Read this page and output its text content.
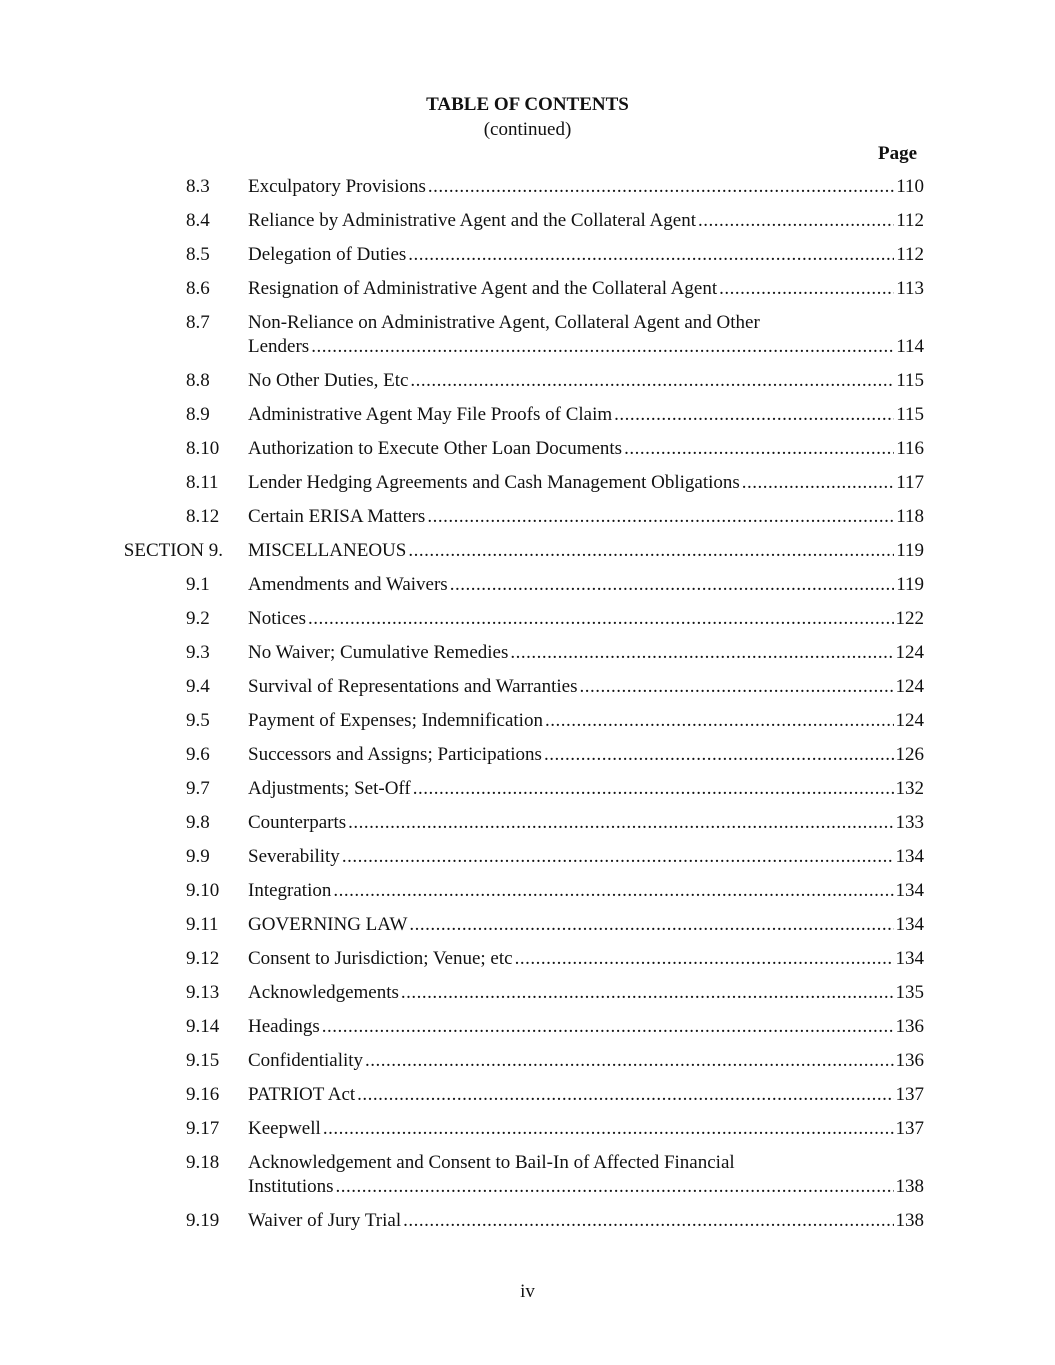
TABLE OF CONTENTS
(continued)
Page
8.3 Exculpatory Provisions .....	110
8.4 Reliance by Administrative Agent and the Collateral Agent .....	112
8.5 Delegation of Duties .....	112
8.6 Resignation of Administrative Agent and the Collateral Agent .....	113
8.7 Non-Reliance on Administrative Agent, Collateral Agent and Other
Lenders .....	114
8.8 No Other Duties, Etc .....	115
8.9 Administrative Agent May File Proofs of Claim .....	115
8.10 Authorization to Execute Other Loan Documents .....	116
8.11 Lender Hedging Agreements and Cash Management Obligations .....	117
8.12 Certain ERISA Matters .....	118
SECTION 9. MISCELLANEOUS .....	119
9.1 Amendments and Waivers .....	119
9.2 Notices .....	122
9.3 No Waiver; Cumulative Remedies .....	124
9.4 Survival of Representations and Warranties .....	124
9.5 Payment of Expenses; Indemnification .....	124
9.6 Successors and Assigns; Participations .....	126
9.7 Adjustments; Set-Off .....	132
9.8 Counterparts .....	133
9.9 Severability .....	134
9.10 Integration .....	134
9.11 GOVERNING LAW .....	134
9.12 Consent to Jurisdiction; Venue; etc .....	134
9.13 Acknowledgements .....	135
9.14 Headings .....	136
9.15 Confidentiality .....	136
9.16 PATRIOT Act .....	137
9.17 Keepwell .....	137
9.18 Acknowledgement and Consent to Bail-In of Affected Financial
Institutions .....	138
9.19 Waiver of Jury Trial .....	138
iv
